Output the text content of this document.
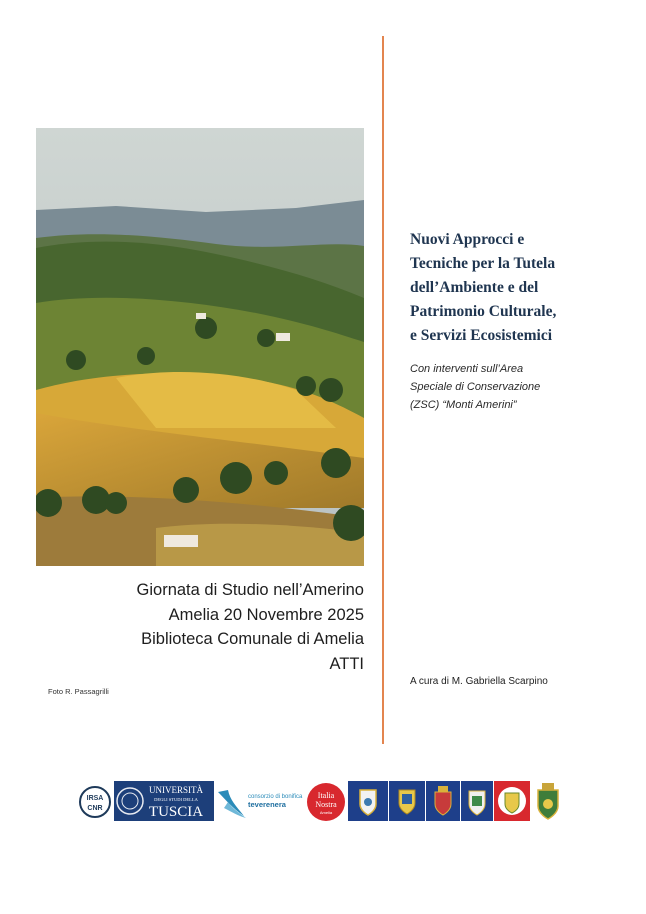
Giornata di Studio nell’Amerino
Amelia 20 Novembre 2025
Biblioteca Comunale di Amelia
ATTI
Foto R. Passagrilli
Nuovi Approcci e
Tecniche per la Tutela
dell’Ambiente e del
Patrimonio Culturale,
e Servizi Ecosistemici
Con interventi sull’Area
Speciale di Conservazione
(ZSC) “Monti Amerini”
A cura di M. Gabriella Scarpino
IRSA
CNR
UNIVERSITÀ
DEGLI STUDI DELLA
TUSCIA
consorzio di bonifica
teverenera
Italia
Nostra
Amelia
